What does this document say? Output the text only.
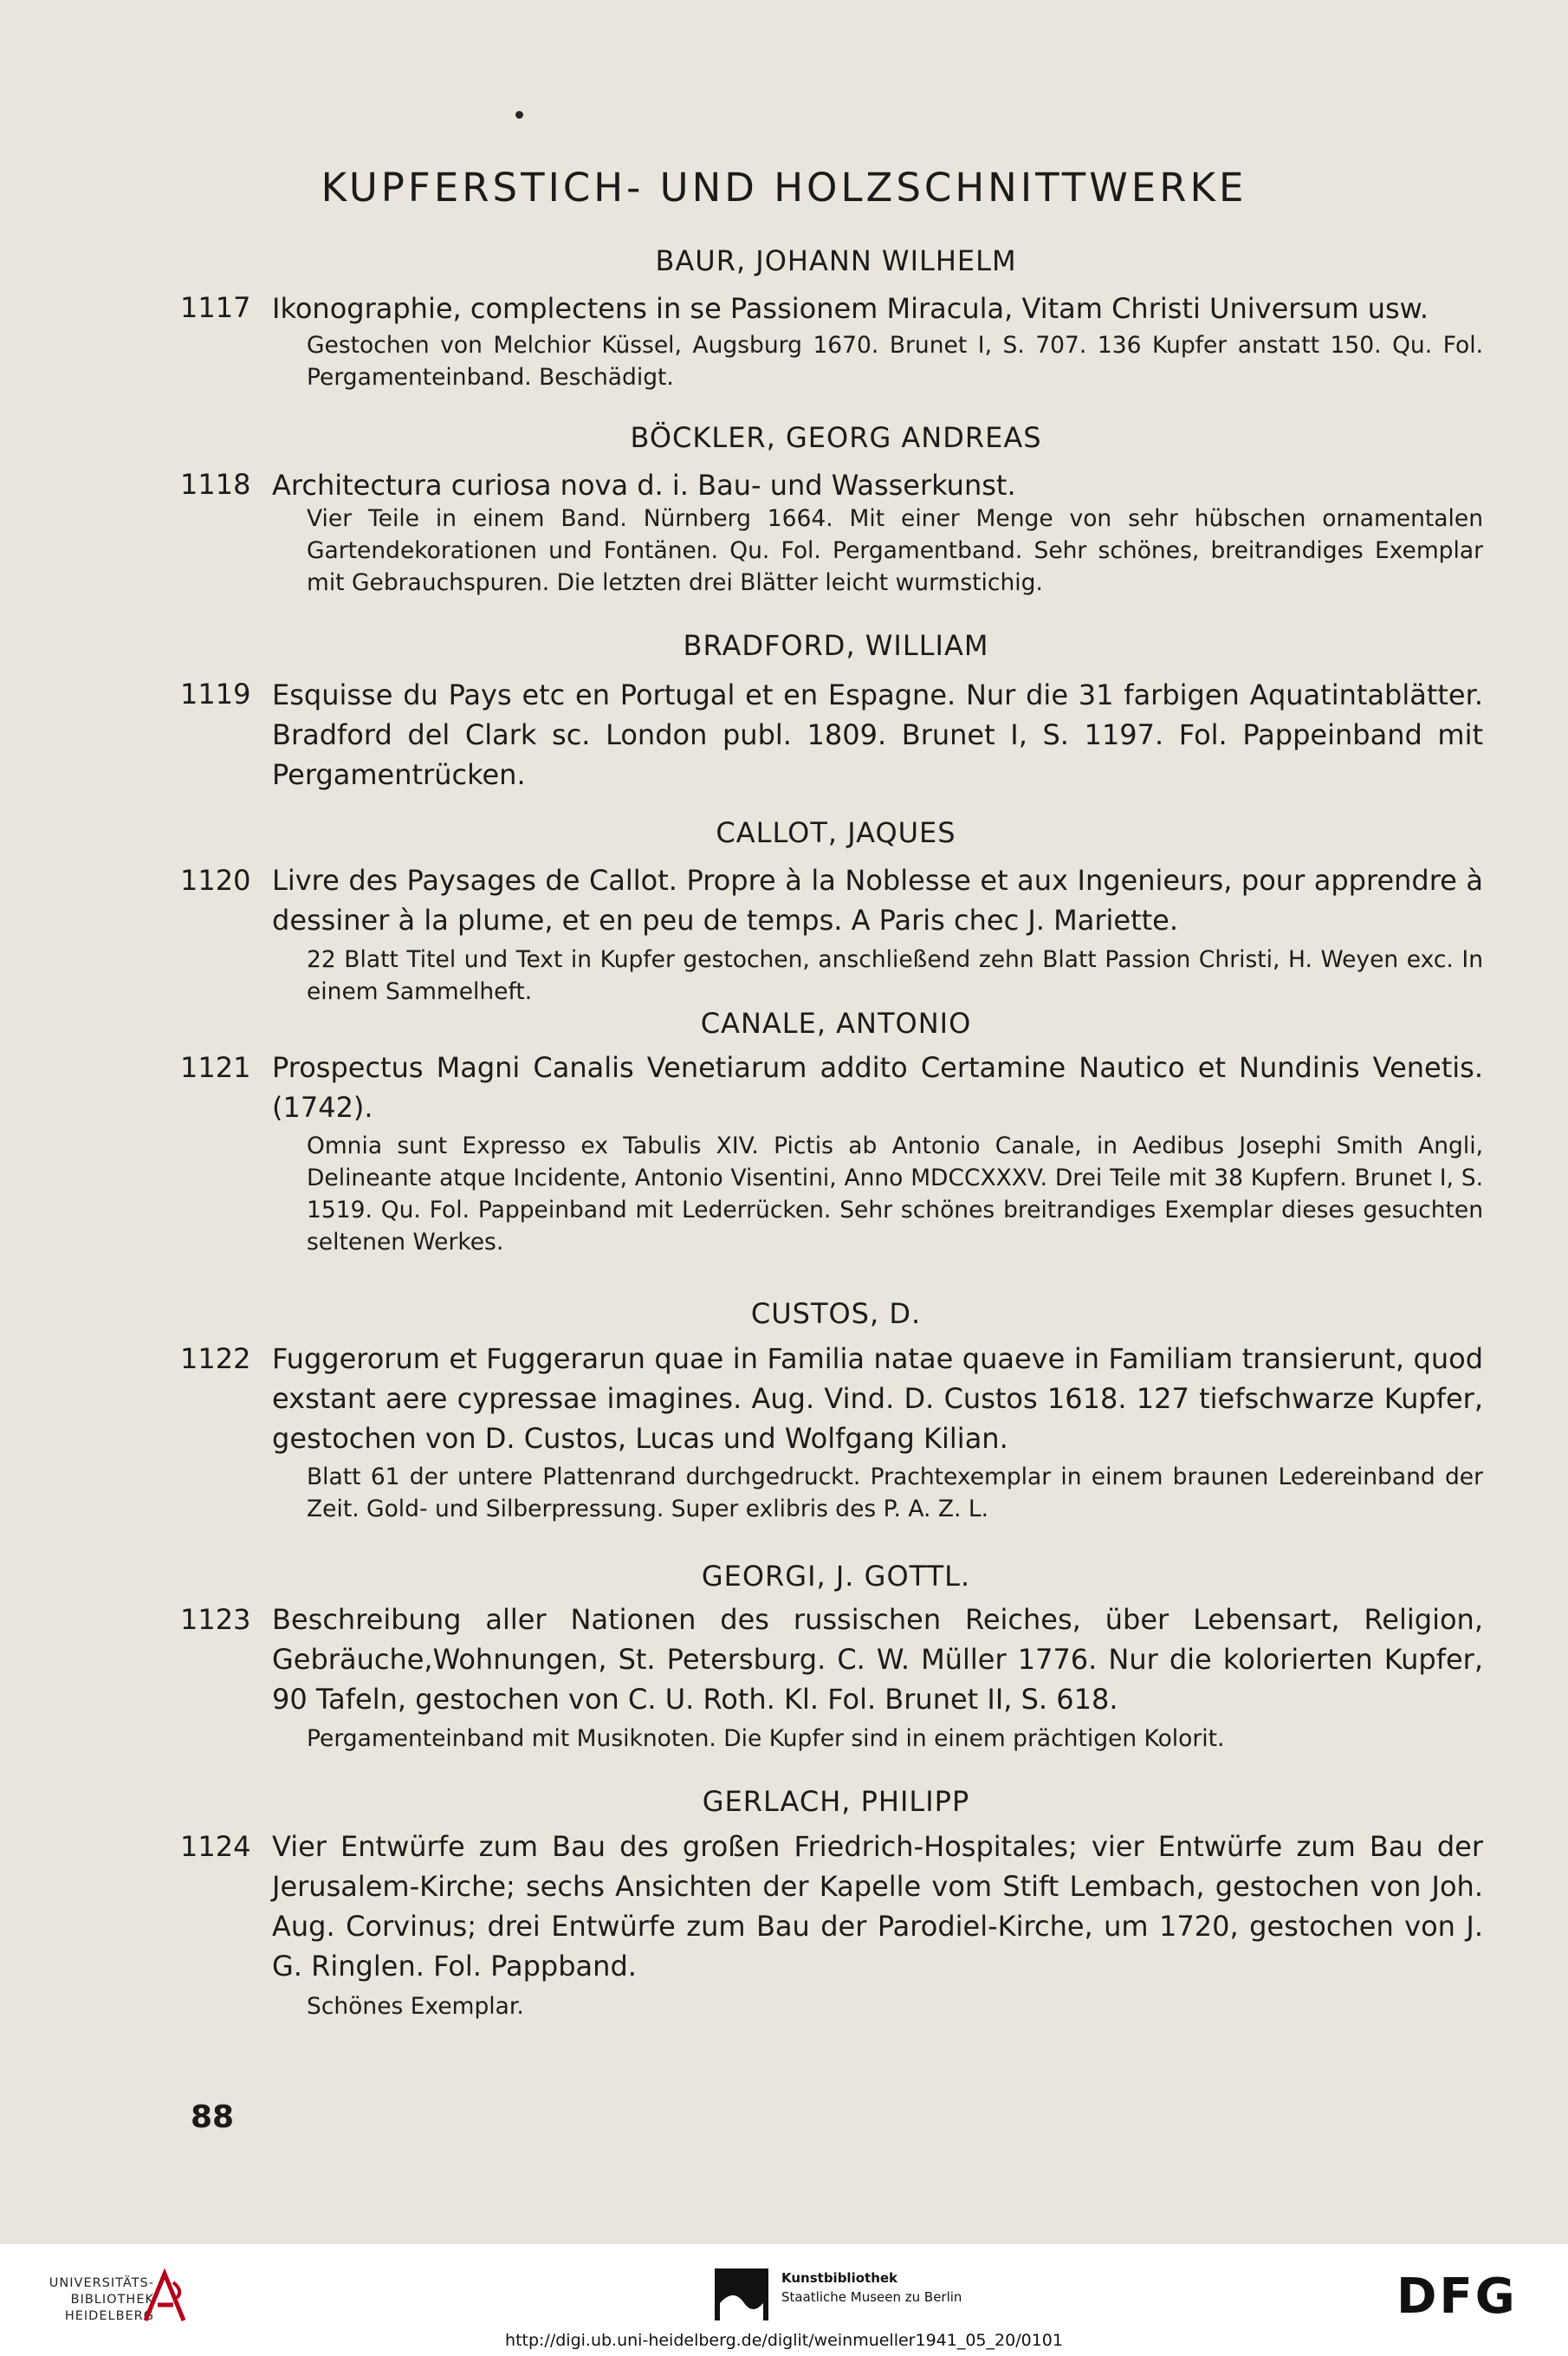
KUPFERSTICH- UND HOLZSCHNITTWERKE
BAUR, JOHANN WILHELM
1117 Ikonographie, complectens in se Passionem Miracula, Vitam Christi Universum usw.
Gestochen von Melchior Küssel, Augsburg 1670. Brunet I, S. 707. 136 Kupfer anstatt 150. Qu. Fol. Pergamenteinband. Beschädigt.
BÖCKLER, GEORG ANDREAS
1118 Architectura curiosa nova d. i. Bau- und Wasserkunst.
Vier Teile in einem Band. Nürnberg 1664. Mit einer Menge von sehr hübschen ornamentalen Gartendekorationen und Fontänen. Qu. Fol. Pergamentband. Sehr schönes, breitrandiges Exemplar mit Gebrauchspuren. Die letzten drei Blätter leicht wurmstichig.
BRADFORD, WILLIAM
1119 Esquisse du Pays etc en Portugal et en Espagne. Nur die 31 farbigen Aquatintablätter. Bradford del Clark sc. London publ. 1809. Brunet I, S. 1197. Fol. Pappeinband mit Pergamentrücken.
CALLOT, JAQUES
1120 Livre des Paysages de Callot. Propre à la Noblesse et aux Ingenieurs, pour apprendre à dessiner à la plume, et en peu de temps. A Paris chec J. Mariette.
22 Blatt Titel und Text in Kupfer gestochen, anschließend zehn Blatt Passion Christi, H. Weyen exc. In einem Sammelheft.
CANALE, ANTONIO
1121 Prospectus Magni Canalis Venetiarum addito Certamine Nautico et Nundinis Venetis. (1742).
Omnia sunt Expresso ex Tabulis XIV. Pictis ab Antonio Canale, in Aedibus Josephi Smith Angli, Delineante atque Incidente, Antonio Visentini, Anno MDCCXXXV. Drei Teile mit 38 Kupfern. Brunet I, S. 1519. Qu. Fol. Pappeinband mit Lederrücken. Sehr schönes breitrandiges Exemplar dieses gesuchten seltenen Werkes.
CUSTOS, D.
1122 Fuggerorum et Fuggerarun quae in Familia natae quaeve in Familiam transierunt, quod exstant aere cypressae imagines. Aug. Vind. D. Custos 1618. 127 tiefschwarze Kupfer, gestochen von D. Custos, Lucas und Wolfgang Kilian.
Blatt 61 der untere Plattenrand durchgedruckt. Prachtexemplar in einem braunen Ledereinband der Zeit. Gold- und Silberpressung. Super exlibris des P. A. Z. L.
GEORGI, J. GOTTL.
1123 Beschreibung aller Nationen des russischen Reiches, über Lebensart, Religion, Gebräuche,Wohnungen, St. Petersburg. C. W. Müller 1776. Nur die kolorierten Kupfer, 90 Tafeln, gestochen von C. U. Roth. Kl. Fol. Brunet II, S. 618.
Pergamenteinband mit Musiknoten. Die Kupfer sind in einem prächtigen Kolorit.
GERLACH, PHILIPP
1124 Vier Entwürfe zum Bau des großen Friedrich-Hospitales; vier Entwürfe zum Bau der Jerusalem-Kirche; sechs Ansichten der Kapelle vom Stift Lembach, gestochen von Joh. Aug. Corvinus; drei Entwürfe zum Bau der Parodiel-Kirche, um 1720, gestochen von J. G. Ringlen. Fol. Pappband.
Schönes Exemplar.
88
UNIVERSITÄTS-BIBLIOTHEK HEIDELBERG
Kunstbibliothek
Staatliche Museen zu Berlin	DFG
http://digi.ub.uni-heidelberg.de/diglit/weinmueller1941_05_20/0101
